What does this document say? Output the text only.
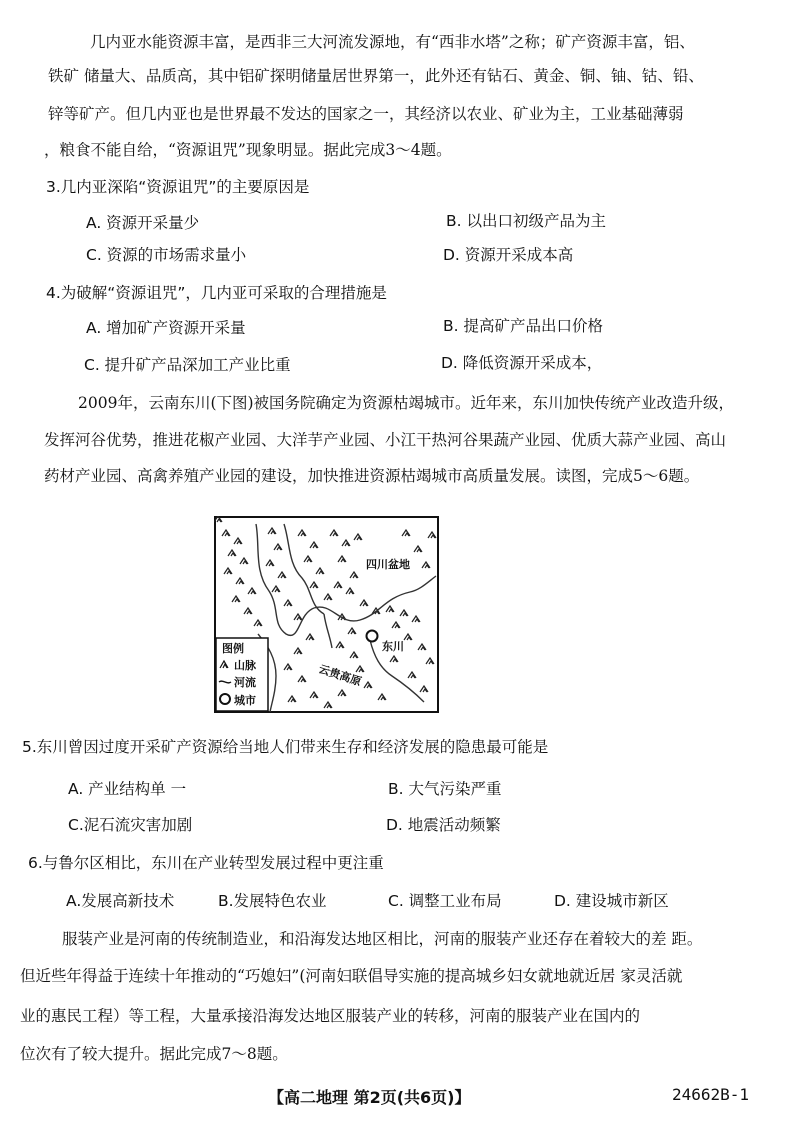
几内亚水能资源丰富，是西非三大河流发源地，有“西非水塔”之称；矿产资源丰富，铝、
铁矿 储量大、品质高，其中铝矿探明储量居世界第一，此外还有钻石、黄金、铜、铀、钴、铅、
锌等矿产。但几内亚也是世界最不发达的国家之一，其经济以农业、矿业为主，工业基础薄弱
，粮食不能自给，“资源诅咒”现象明显。据此完成3～4题。
3.几内亚深陷“资源诅咒”的主要原因是
A. 资源开采量少	B. 以出口初级产品为主
C. 资源的市场需求量小	D. 资源开采成本高
4.为破解“资源诅咒”，几内亚可采取的合理措施是
A. 增加矿产资源开采量	B. 提高矿产品出口价格
C. 提升矿产品深加工产业比重	D. 降低资源开采成本，
2009年，云南东川(下图)被国务院确定为资源枯竭城市。近年来，东川加快传统产业改造升级，
发挥河谷优势，推进花椒产业园、大洋芋产业园、小江干热河谷果蔬产业园、优质大蒜产业园、高山
药材产业园、高禽养殖产业园的建设，加快推进资源枯竭城市高质量发展。读图，完成5～6题。
东川
四川盆地
云贵高原
图例
山脉
河流
城市
5.东川曾因过度开采矿产资源给当地人们带来生存和经济发展的隐患最可能是
A. 产业结构单 一	B. 大气污染严重
C.泥石流灾害加剧	D. 地震活动频繁
6.与鲁尔区相比，东川在产业转型发展过程中更注重
A.发展高新技术	B.发展特色农业	C. 调整工业布局	D. 建设城市新区
服装产业是河南的传统制造业，和沿海发达地区相比，河南的服装产业还存在着较大的差 距。
但近些年得益于连续十年推动的“巧媳妇”(河南妇联倡导实施的提高城乡妇女就地就近居 家灵活就
业的惠民工程）等工程，大量承接沿海发达地区服装产业的转移，河南的服装产业在国内的
位次有了较大提升。据此完成7～8题。
【高二地理 第2页(共6页)】	24662B-1
